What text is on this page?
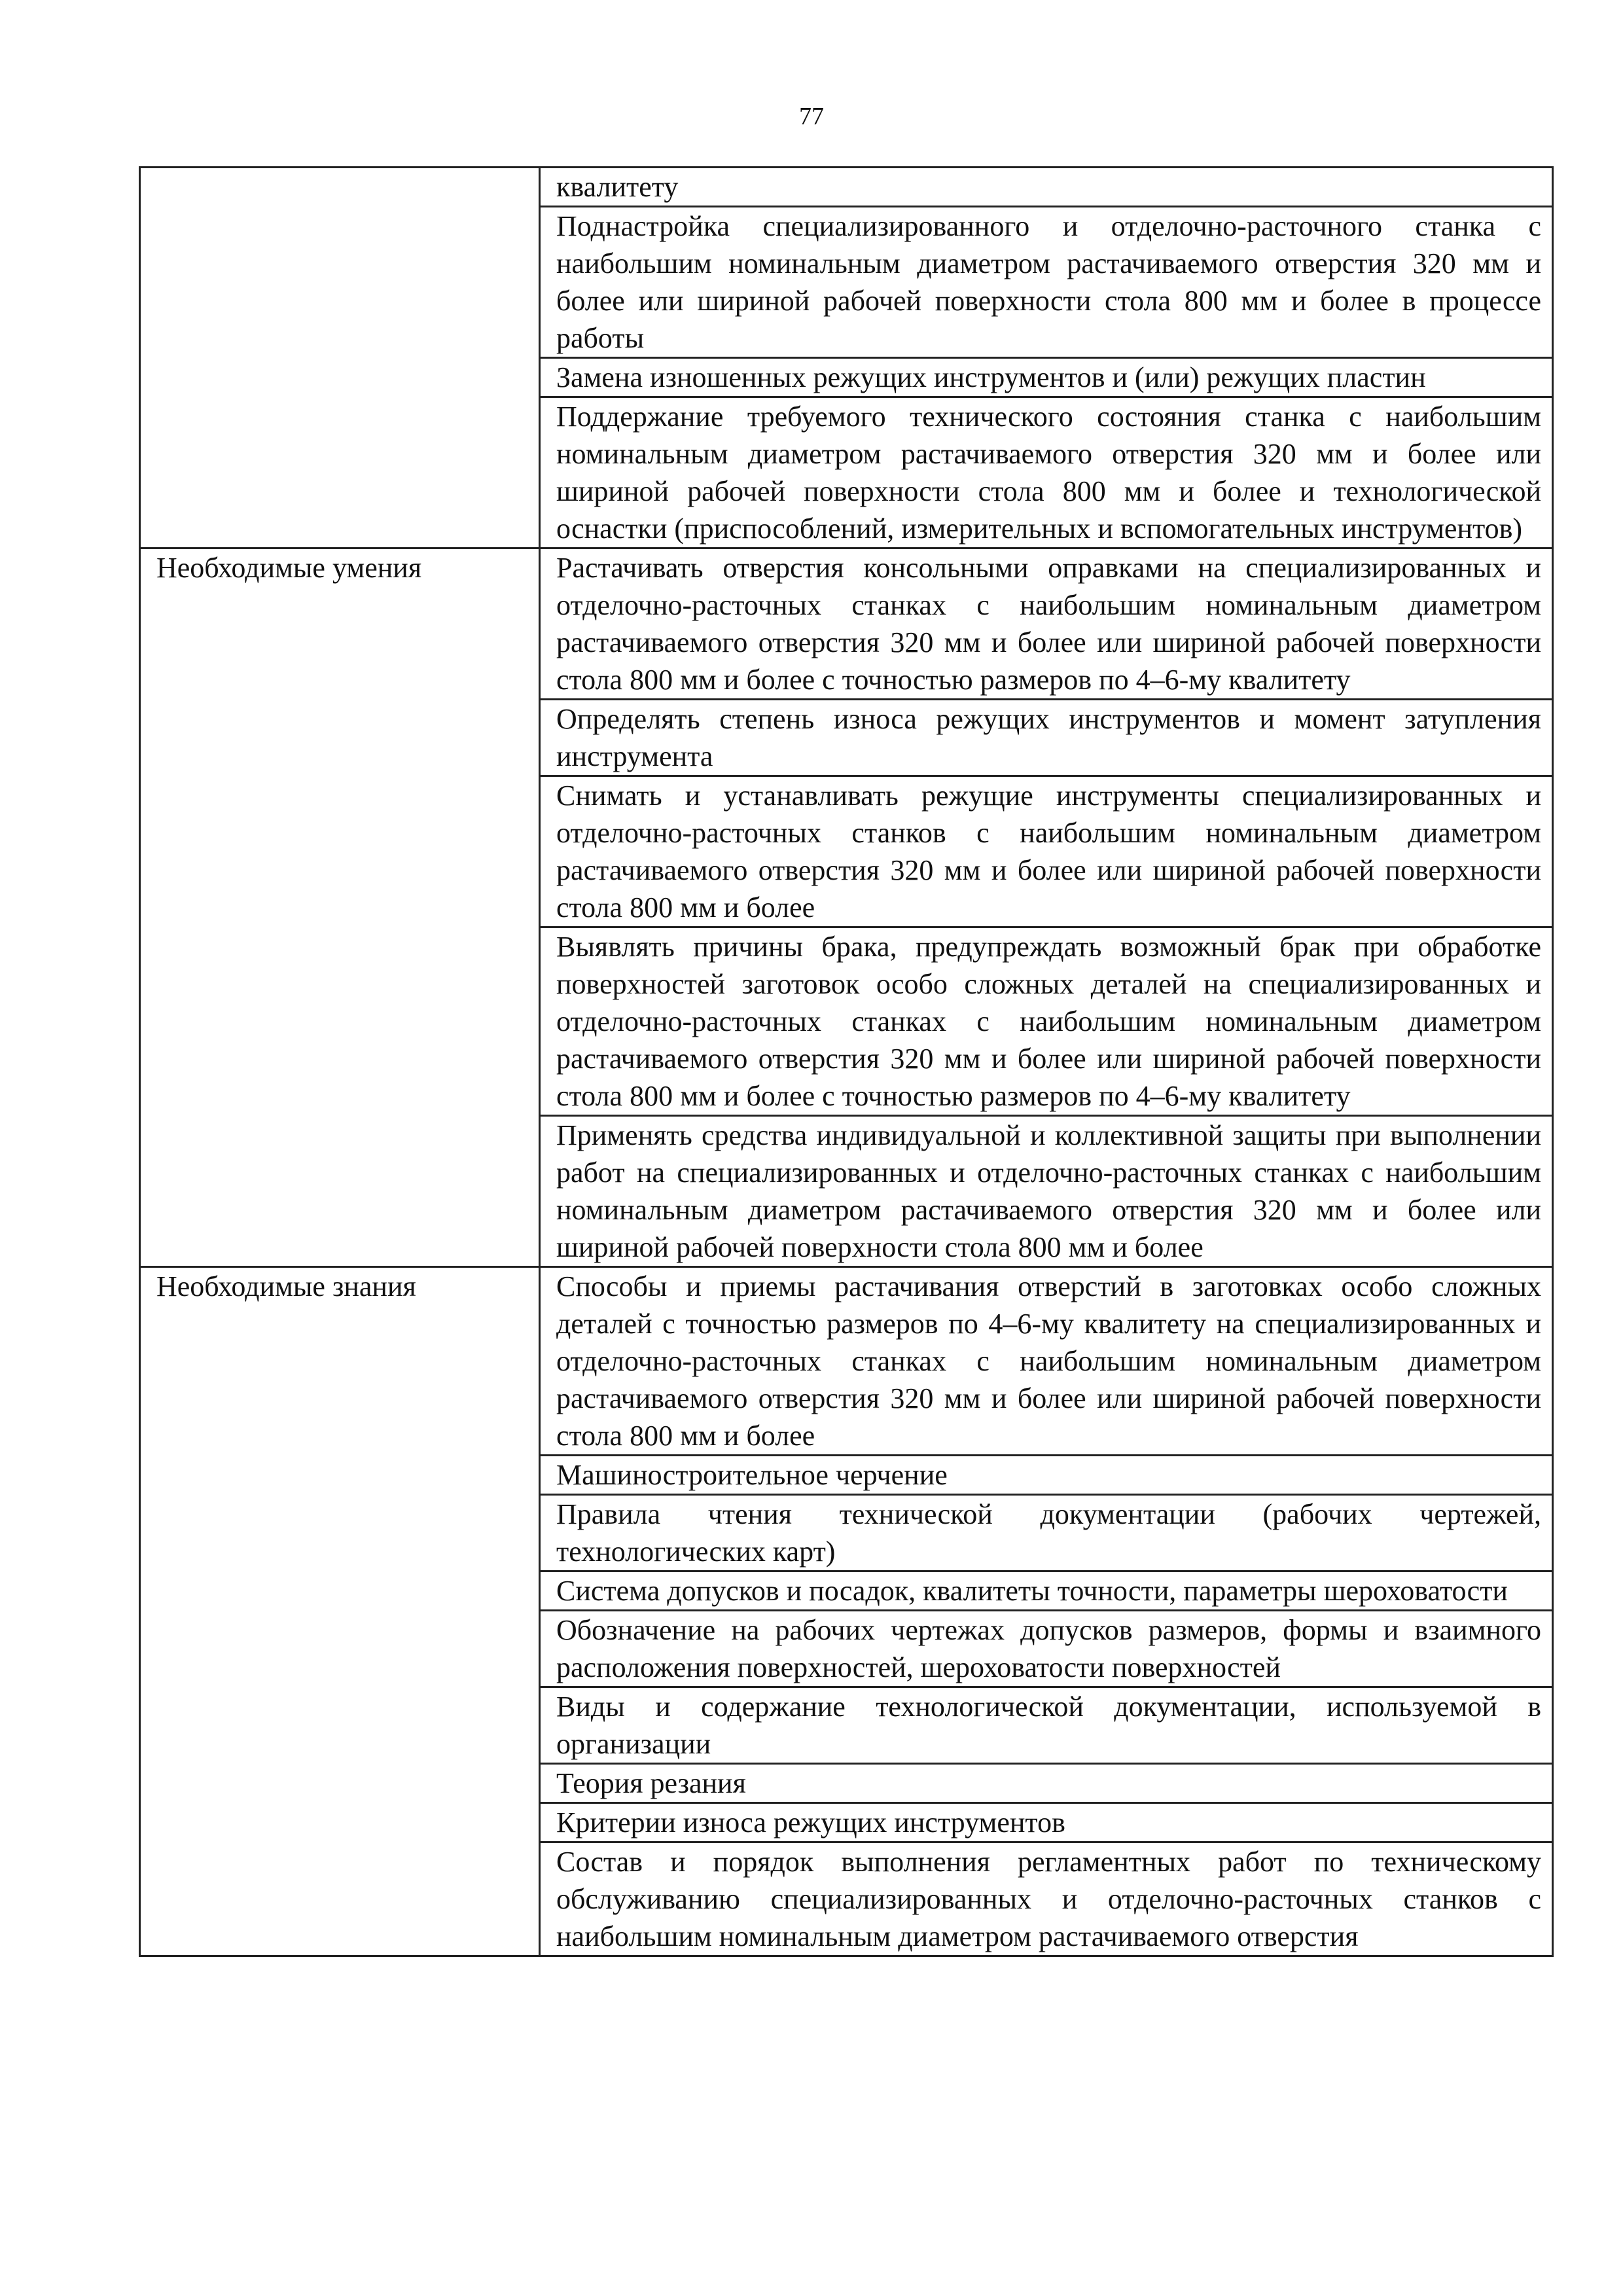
77
	квалитету
	Поднастройка специализированного и отделочно-расточного станка с наибольшим номинальным диаметром растачиваемого отверстия 320 мм и более или шириной рабочей поверхности стола 800 мм и более в процессе работы
	Замена изношенных режущих инструментов и (или) режущих пластин
	Поддержание требуемого технического состояния станка с наибольшим номинальным диаметром растачиваемого отверстия 320 мм и более или шириной рабочей поверхности стола 800 мм и более и технологической оснастки (приспособлений, измерительных и вспомогательных инструментов)
Необходимые умения	Растачивать отверстия консольными оправками на специализированных и отделочно-расточных станках с наибольшим номинальным диаметром растачиваемого отверстия 320 мм и более или шириной рабочей поверхности стола 800 мм и более с точностью размеров по 4–6-му квалитету
	Определять степень износа режущих инструментов и момент затупления инструмента
	Снимать и устанавливать режущие инструменты специализированных и отделочно-расточных станков с наибольшим номинальным диаметром растачиваемого отверстия 320 мм и более или шириной рабочей поверхности стола 800 мм и более
	Выявлять причины брака, предупреждать возможный брак при обработке поверхностей заготовок особо сложных деталей на специализированных и отделочно-расточных станках с наибольшим номинальным диаметром растачиваемого отверстия 320 мм и более или шириной рабочей поверхности стола 800 мм и более с точностью размеров по 4–6-му квалитету
	Применять средства индивидуальной и коллективной защиты при выполнении работ на специализированных и отделочно-расточных станках с наибольшим номинальным диаметром растачиваемого отверстия 320 мм и более или шириной рабочей поверхности стола 800 мм и более
Необходимые знания	Способы и приемы растачивания отверстий в заготовках особо сложных деталей с точностью размеров по 4–6-му квалитету на специализированных и отделочно-расточных станках с наибольшим номинальным диаметром растачиваемого отверстия 320 мм и более или шириной рабочей поверхности стола 800 мм и более
	Машиностроительное черчение
	Правила чтения технической документации (рабочих чертежей, технологических карт)
	Система допусков и посадок, квалитеты точности, параметры шероховатости
	Обозначение на рабочих чертежах допусков размеров, формы и взаимного расположения поверхностей, шероховатости поверхностей
	Виды и содержание технологической документации, используемой в организации
	Теория резания
	Критерии износа режущих инструментов
	Состав и порядок выполнения регламентных работ по техническому обслуживанию специализированных и отделочно-расточных станков с наибольшим номинальным диаметром растачиваемого отверстия
